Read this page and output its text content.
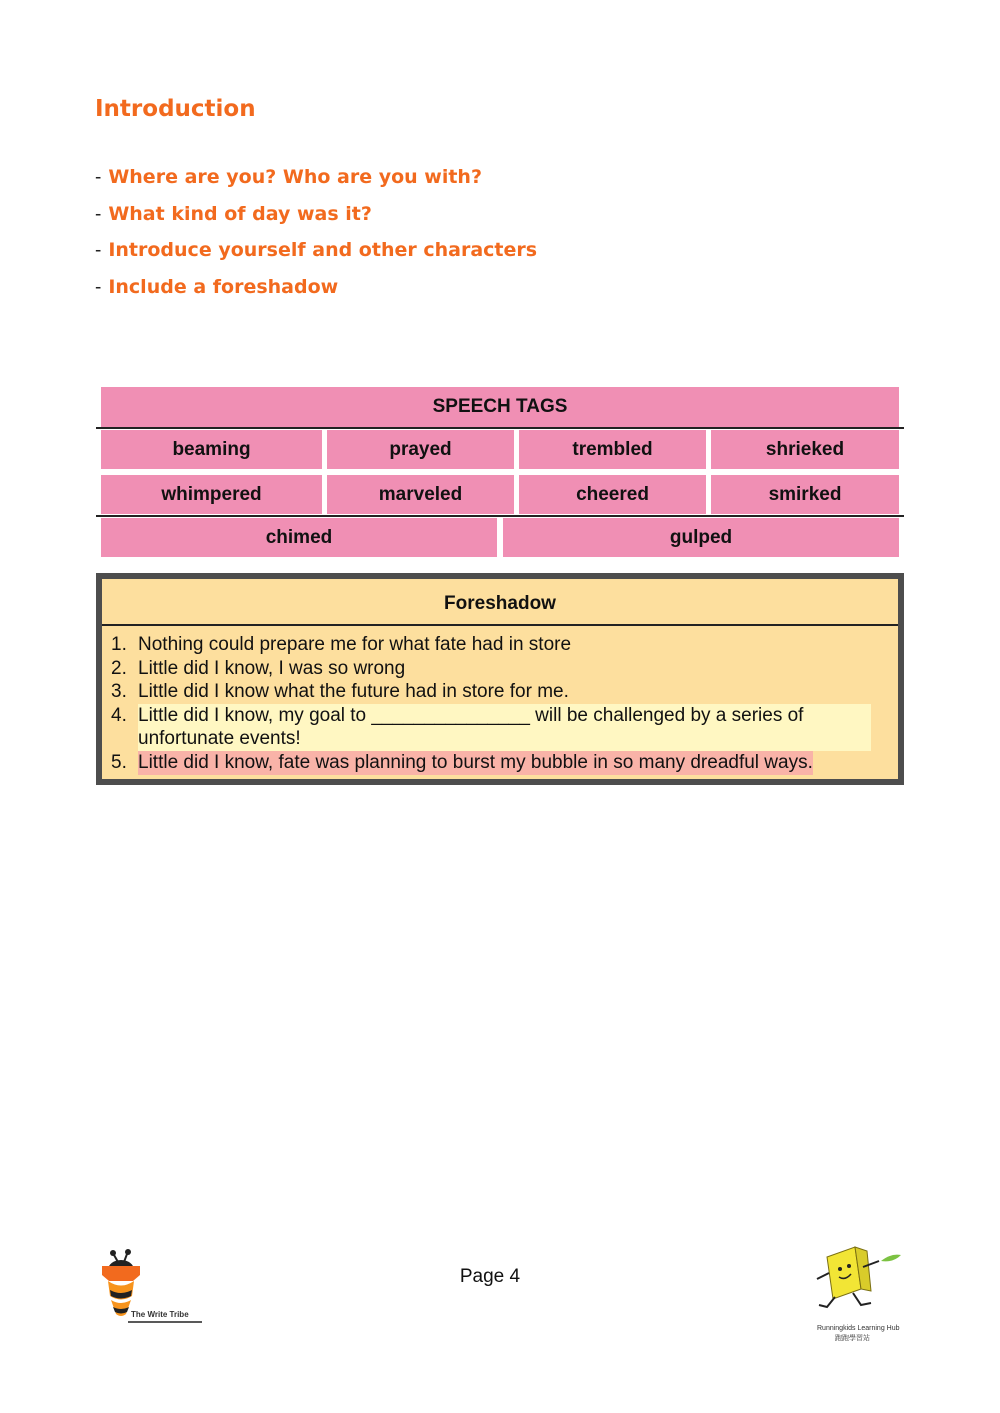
Introduction
- Where are you? Who are you with?
- What kind of day was it?
- Introduce yourself and other characters
- Include a foreshadow
SPEECH TAGS
beaming	prayed	trembled	shrieked
whimpered	marveled	cheered	smirked
chimed	gulped
Foreshadow
1. Nothing could prepare me for what fate had in store
2. Little did I know, I was so wrong
3. Little did I know what the future had in store for me.
4. Little did I know, my goal to _______________ will be challenged by a series of unfortunate events!
5. Little did I know, fate was planning to burst my bubble in so many dreadful ways.
The Write Tribe
Page 4
Runningkids Learning Hub
跑跑學習站
